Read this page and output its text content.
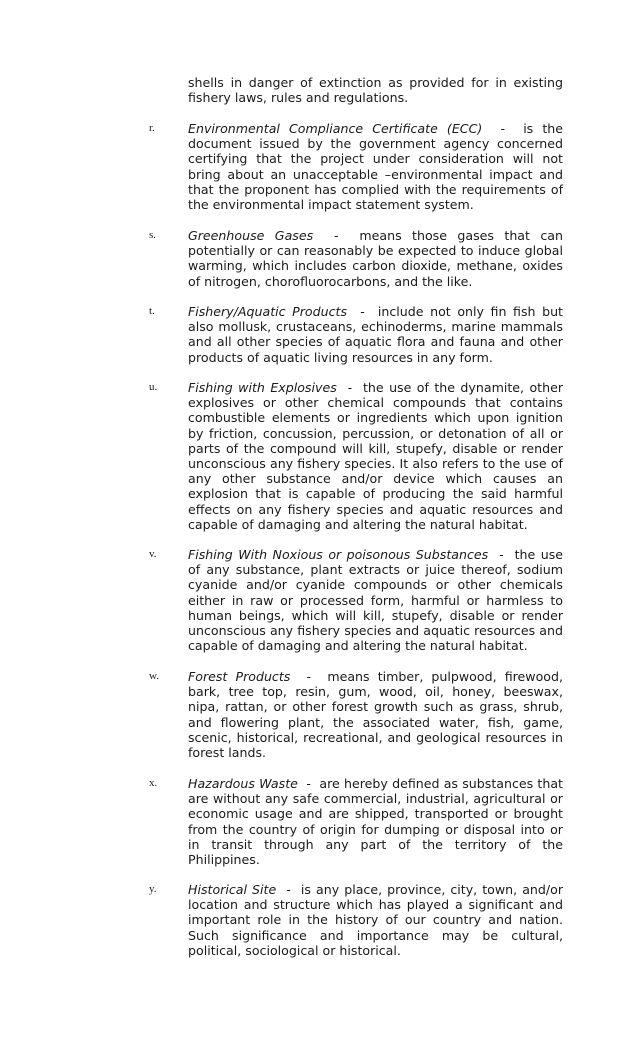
shells in danger of extinction as provided for in existing fishery laws, rules and regulations.

r.	Environmental Compliance Certificate (ECC)  -  is the document issued by the government agency concerned certifying that the project under consideration will not bring about an unacceptable –environmental impact and that the proponent has complied with the requirements of the environmental impact statement system.

s.	Greenhouse Gases  -  means those gases that can potentially or can reasonably be expected to induce global warming, which includes carbon dioxide, methane, oxides of nitrogen, chorofluorocarbons, and the like.

t.	Fishery/Aquatic Products  -  include not only fin fish but also mollusk, crustaceans, echinoderms, marine mammals and all other species of aquatic flora and fauna and other products of aquatic living resources in any form.

u. Fishing with Explosives  -  the use of the dynamite, other explosives or other chemical compounds that contains combustible elements or ingredients which upon ignition by friction, concussion, percussion, or detonation of all or parts of the compound will kill, stupefy, disable or render unconscious any fishery species. It also refers to the use of any other substance and/or device which causes an explosion that is capable of producing the said harmful effects on any fishery species and aquatic resources and capable of damaging and altering the natural habitat.

v. Fishing With Noxious or poisonous Substances  -  the use of any substance, plant extracts or juice thereof, sodium cyanide and/or cyanide compounds or other chemicals either in raw or processed form, harmful or harmless to human beings, which will kill, stupefy, disable or render unconscious any fishery species and aquatic resources and capable of damaging and altering the natural habitat.

w. Forest Products  -  means timber, pulpwood, firewood, bark, tree top, resin, gum, wood, oil, honey, beeswax, nipa, rattan, or other forest growth such as grass, shrub, and flowering plant, the associated water, fish, game, scenic, historical, recreational, and geological resources in forest lands.

x. Hazardous Waste  -  are hereby defined as substances that are without any safe commercial, industrial, agricultural or economic usage and are shipped, transported or brought from the country of origin for dumping or disposal into or in transit through any part of the territory of the Philippines.

y. Historical Site  -  is any place, province, city, town, and/or location and structure which has played a significant and important role in the history of our country and nation. Such significance and importance may be cultural, political, sociological or historical.
